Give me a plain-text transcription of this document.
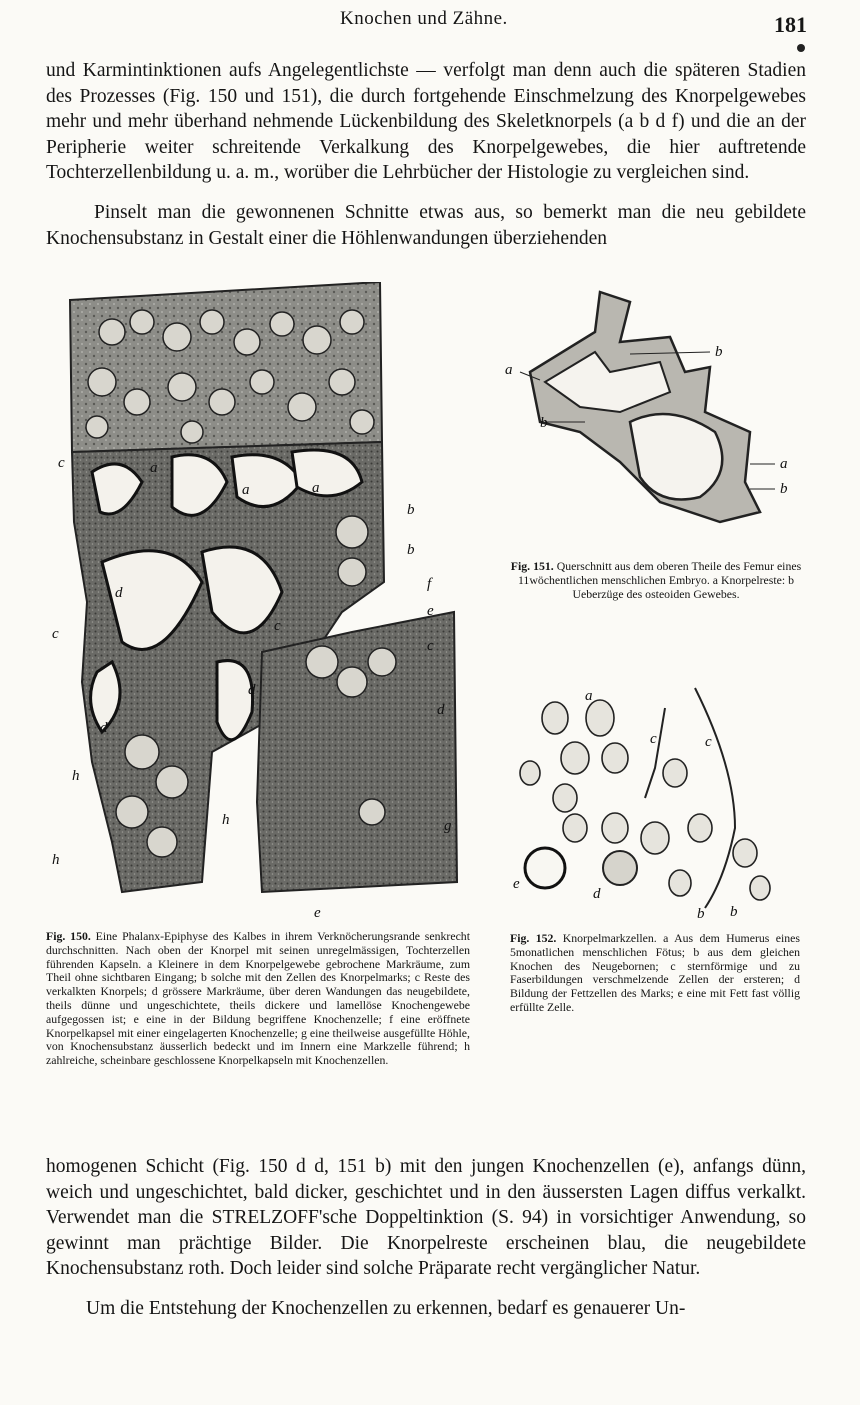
Knochen und Zähne.	181

und Karmintinktionen aufs Angelegentlichste — verfolgt man denn auch die späteren Stadien des Prozesses (Fig. 150 und 151), die durch fortgehende Einschmelzung des Knorpelgewebes mehr und mehr überhand nehmende Lückenbildung des Skeletknorpels (a b d f) und die an der Peripherie weiter schreitende Verkalkung des Knorpelgewebes, die hier auftretende Tochterzellenbildung u. a. m., worüber die Lehrbücher der Histologie zu vergleichen sind.

Pinselt man die gewonnenen Schnitte etwas aus, so bemerkt man die neu gebildete Knochensubstanz in Gestalt einer die Höhlenwandungen überziehenden

c	a
a	a
b
b
f
e
c
c
c
d
d
d
d
h
h
h
g
e
a
b
b
a
b
a
c	c
e
d
b b

Fig. 150. Eine Phalanx-Epiphyse des Kalbes in ihrem Verknöcherungsrande senkrecht durchschnitten. Nach oben der Knorpel mit seinen unregelmässigen, Tochterzellen führenden Kapseln. a Kleinere in dem Knorpelgewebe gebrochene Markräume, zum Theil ohne sichtbaren Eingang; b solche mit den Zellen des Knorpelmarks; c Reste des verkalkten Knorpels; d grössere Markräume, über deren Wandungen das neugebildete, theils dünne und ungeschichtete, theils dickere und lamellöse Knochengewebe aufgegossen ist; e eine in der Bildung begriffene Knochenzelle; f eine eröffnete Knorpelkapsel mit einer eingelagerten Knochenzelle; g eine theilweise ausgefüllte Höhle, von Knochensubstanz äusserlich bedeckt und im Innern eine Markzelle führend; h zahlreiche, scheinbare geschlossene Knorpelkapseln mit Knochenzellen.

Fig. 151. Querschnitt aus dem oberen Theile des Femur eines 11wöchentlichen menschlichen Embryo. a Knorpelreste: b Ueberzüge des osteoiden Gewebes.

Fig. 152. Knorpelmarkzellen. a Aus dem Humerus eines 5monatlichen menschlichen Fötus; b aus dem gleichen Knochen des Neugebornen; c sternförmige und zu Faserbildungen verschmelzende Zellen der ersteren; d Bildung der Fettzellen des Marks; e eine mit Fett fast völlig erfüllte Zelle.

homogenen Schicht (Fig. 150 d d, 151 b) mit den jungen Knochenzellen (e), anfangs dünn, weich und ungeschichtet, bald dicker, geschichtet und in den äussersten Lagen diffus verkalkt. Verwendet man die STRELZOFF'sche Doppeltinktion (S. 94) in vorsichtiger Anwendung, so gewinnt man prächtige Bilder. Die Knorpelreste erscheinen blau, die neugebildete Knochensubstanz roth. Doch leider sind solche Präparate recht vergänglicher Natur.

Um die Entstehung der Knochenzellen zu erkennen, bedarf es genauerer Un-
